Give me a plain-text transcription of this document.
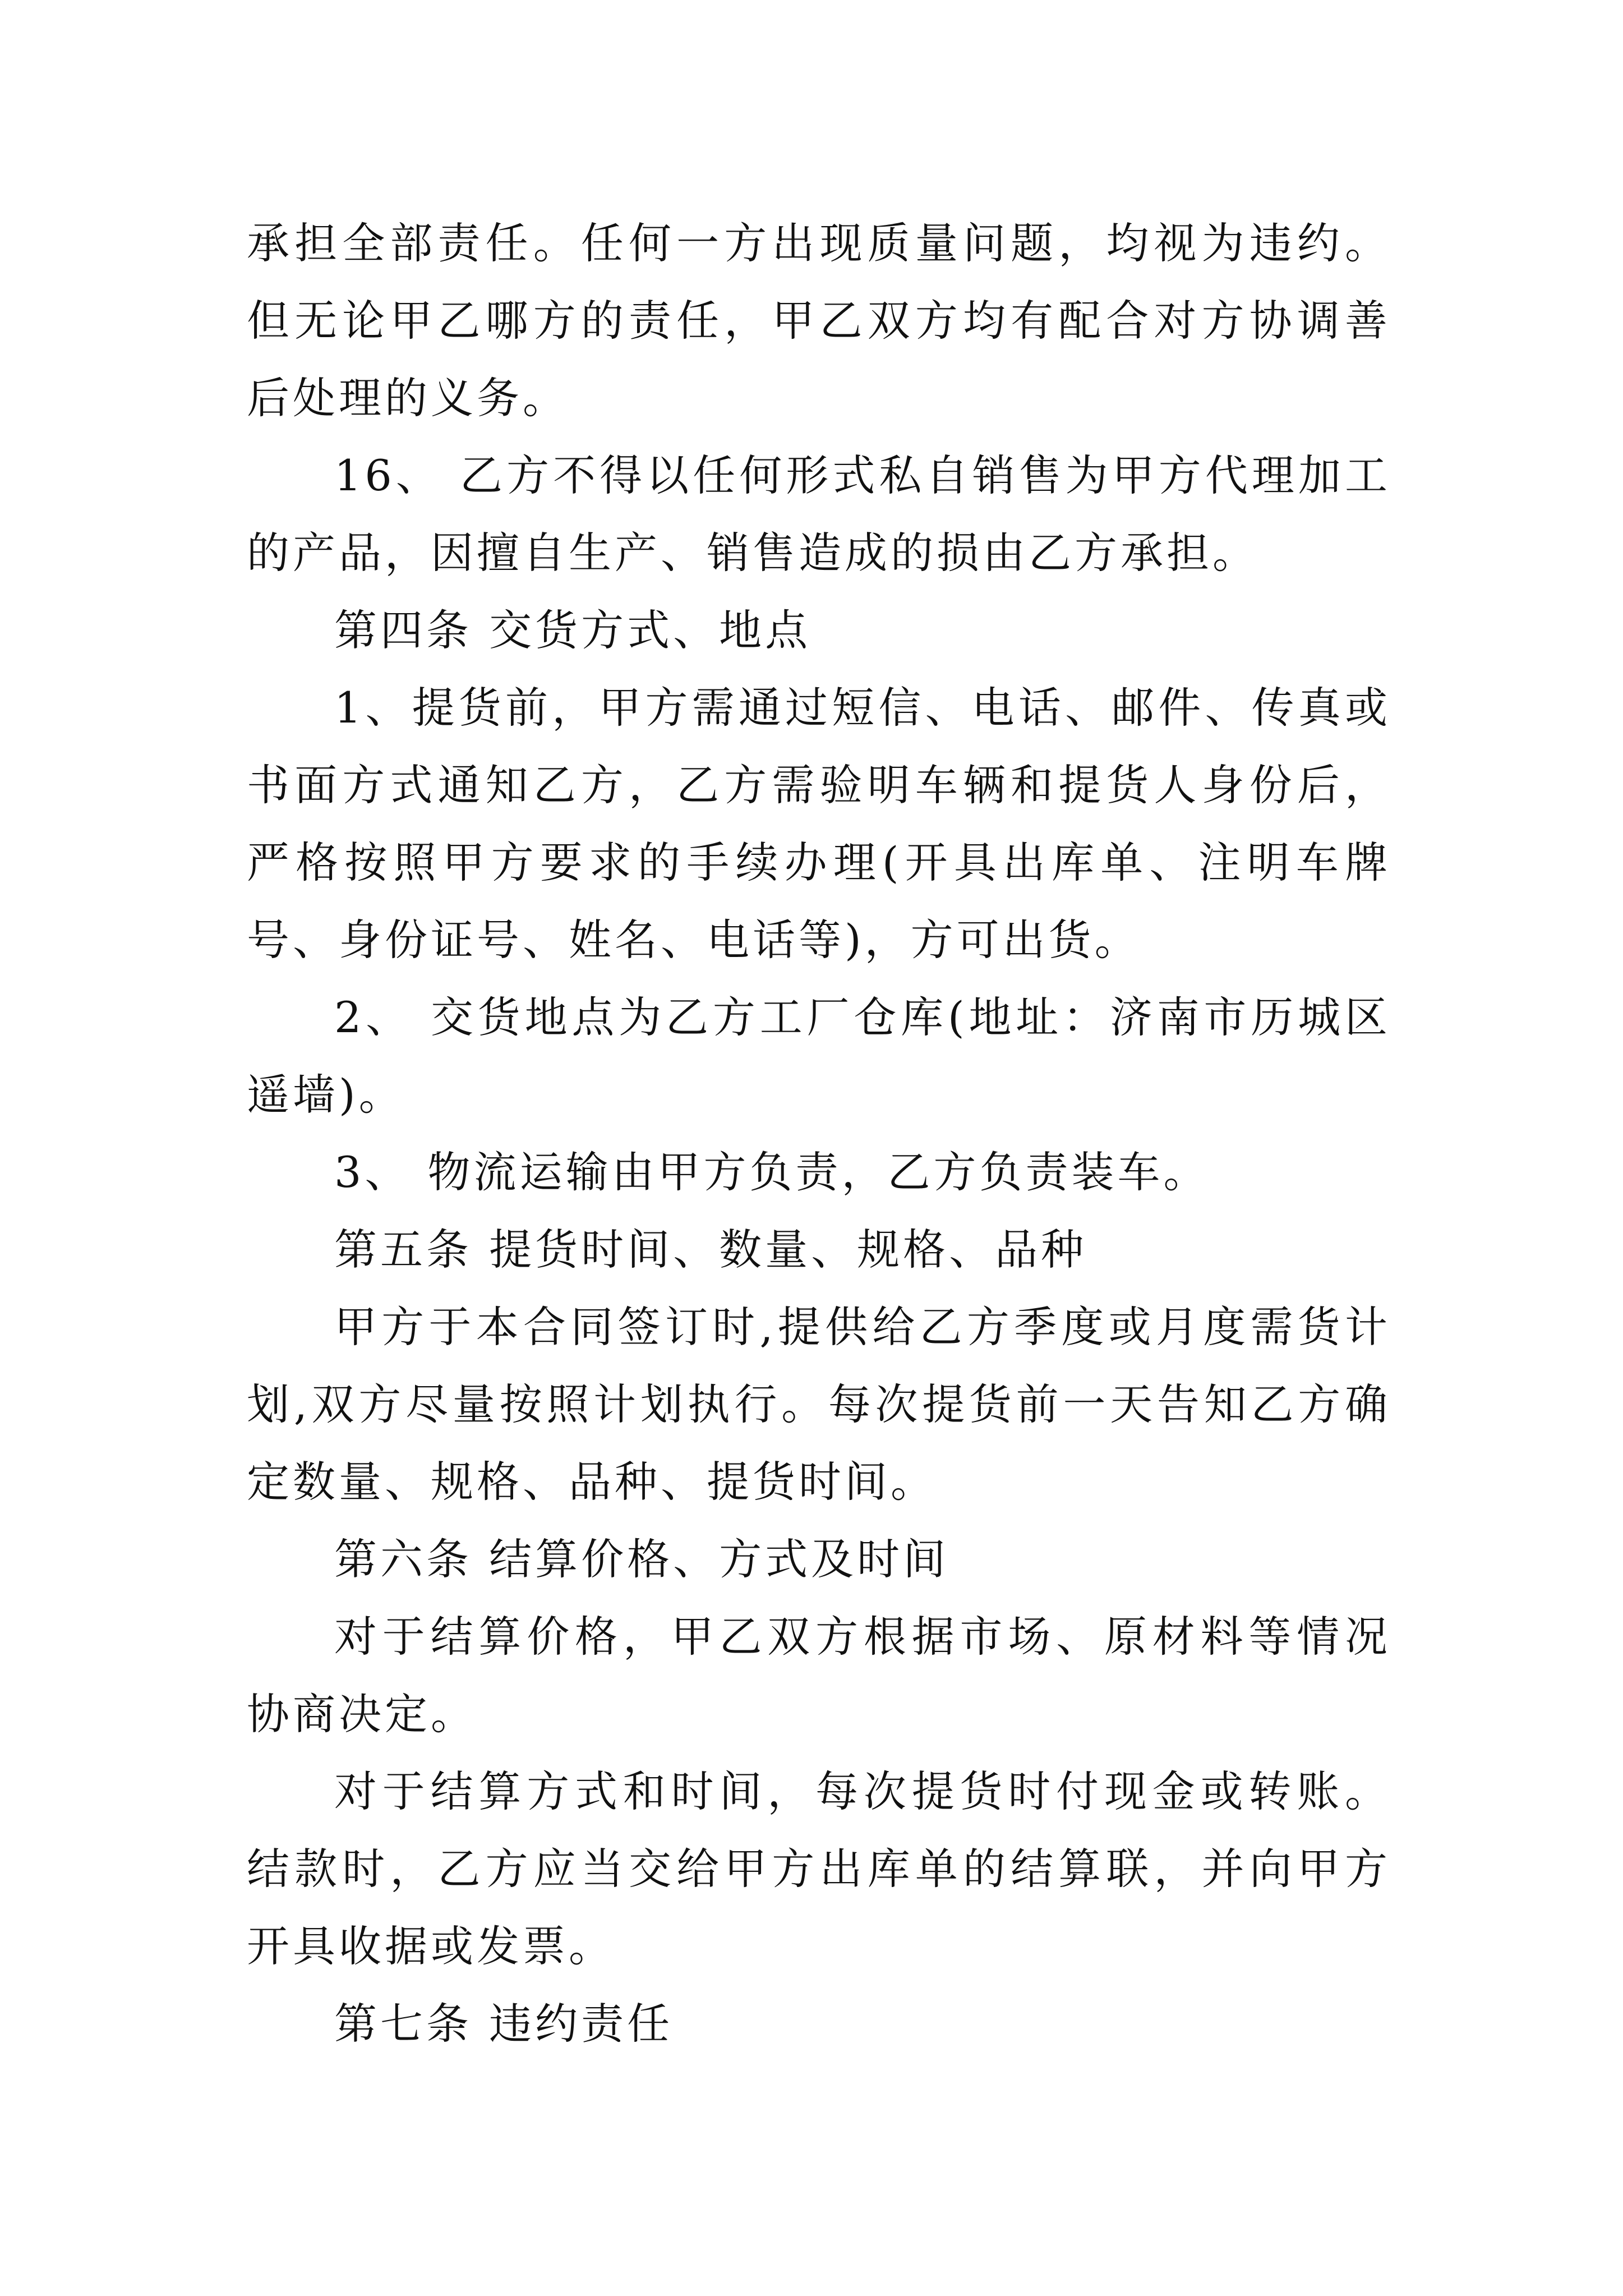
承担全部责任。任何一方出现质量问题，均视为违约。但无论甲乙哪方的责任，甲乙双方均有配合对方协调善后处理的义务。

16、 乙方不得以任何形式私自销售为甲方代理加工的产品，因擅自生产、销售造成的损由乙方承担。

第四条 交货方式、地点

1、提货前，甲方需通过短信、电话、邮件、传真或书面方式通知乙方，乙方需验明车辆和提货人身份后，严格按照甲方要求的手续办理(开具出库单、注明车牌号、身份证号、姓名、电话等)，方可出货。

2、 交货地点为乙方工厂仓库(地址：济南市历城区遥墙)。

3、 物流运输由甲方负责，乙方负责装车。

第五条 提货时间、数量、规格、品种

甲方于本合同签订时,提供给乙方季度或月度需货计划,双方尽量按照计划执行。每次提货前一天告知乙方确定数量、规格、品种、提货时间。

第六条 结算价格、方式及时间

对于结算价格，甲乙双方根据市场、原材料等情况协商决定。

对于结算方式和时间，每次提货时付现金或转账。结款时，乙方应当交给甲方出库单的结算联，并向甲方开具收据或发票。

第七条 违约责任
